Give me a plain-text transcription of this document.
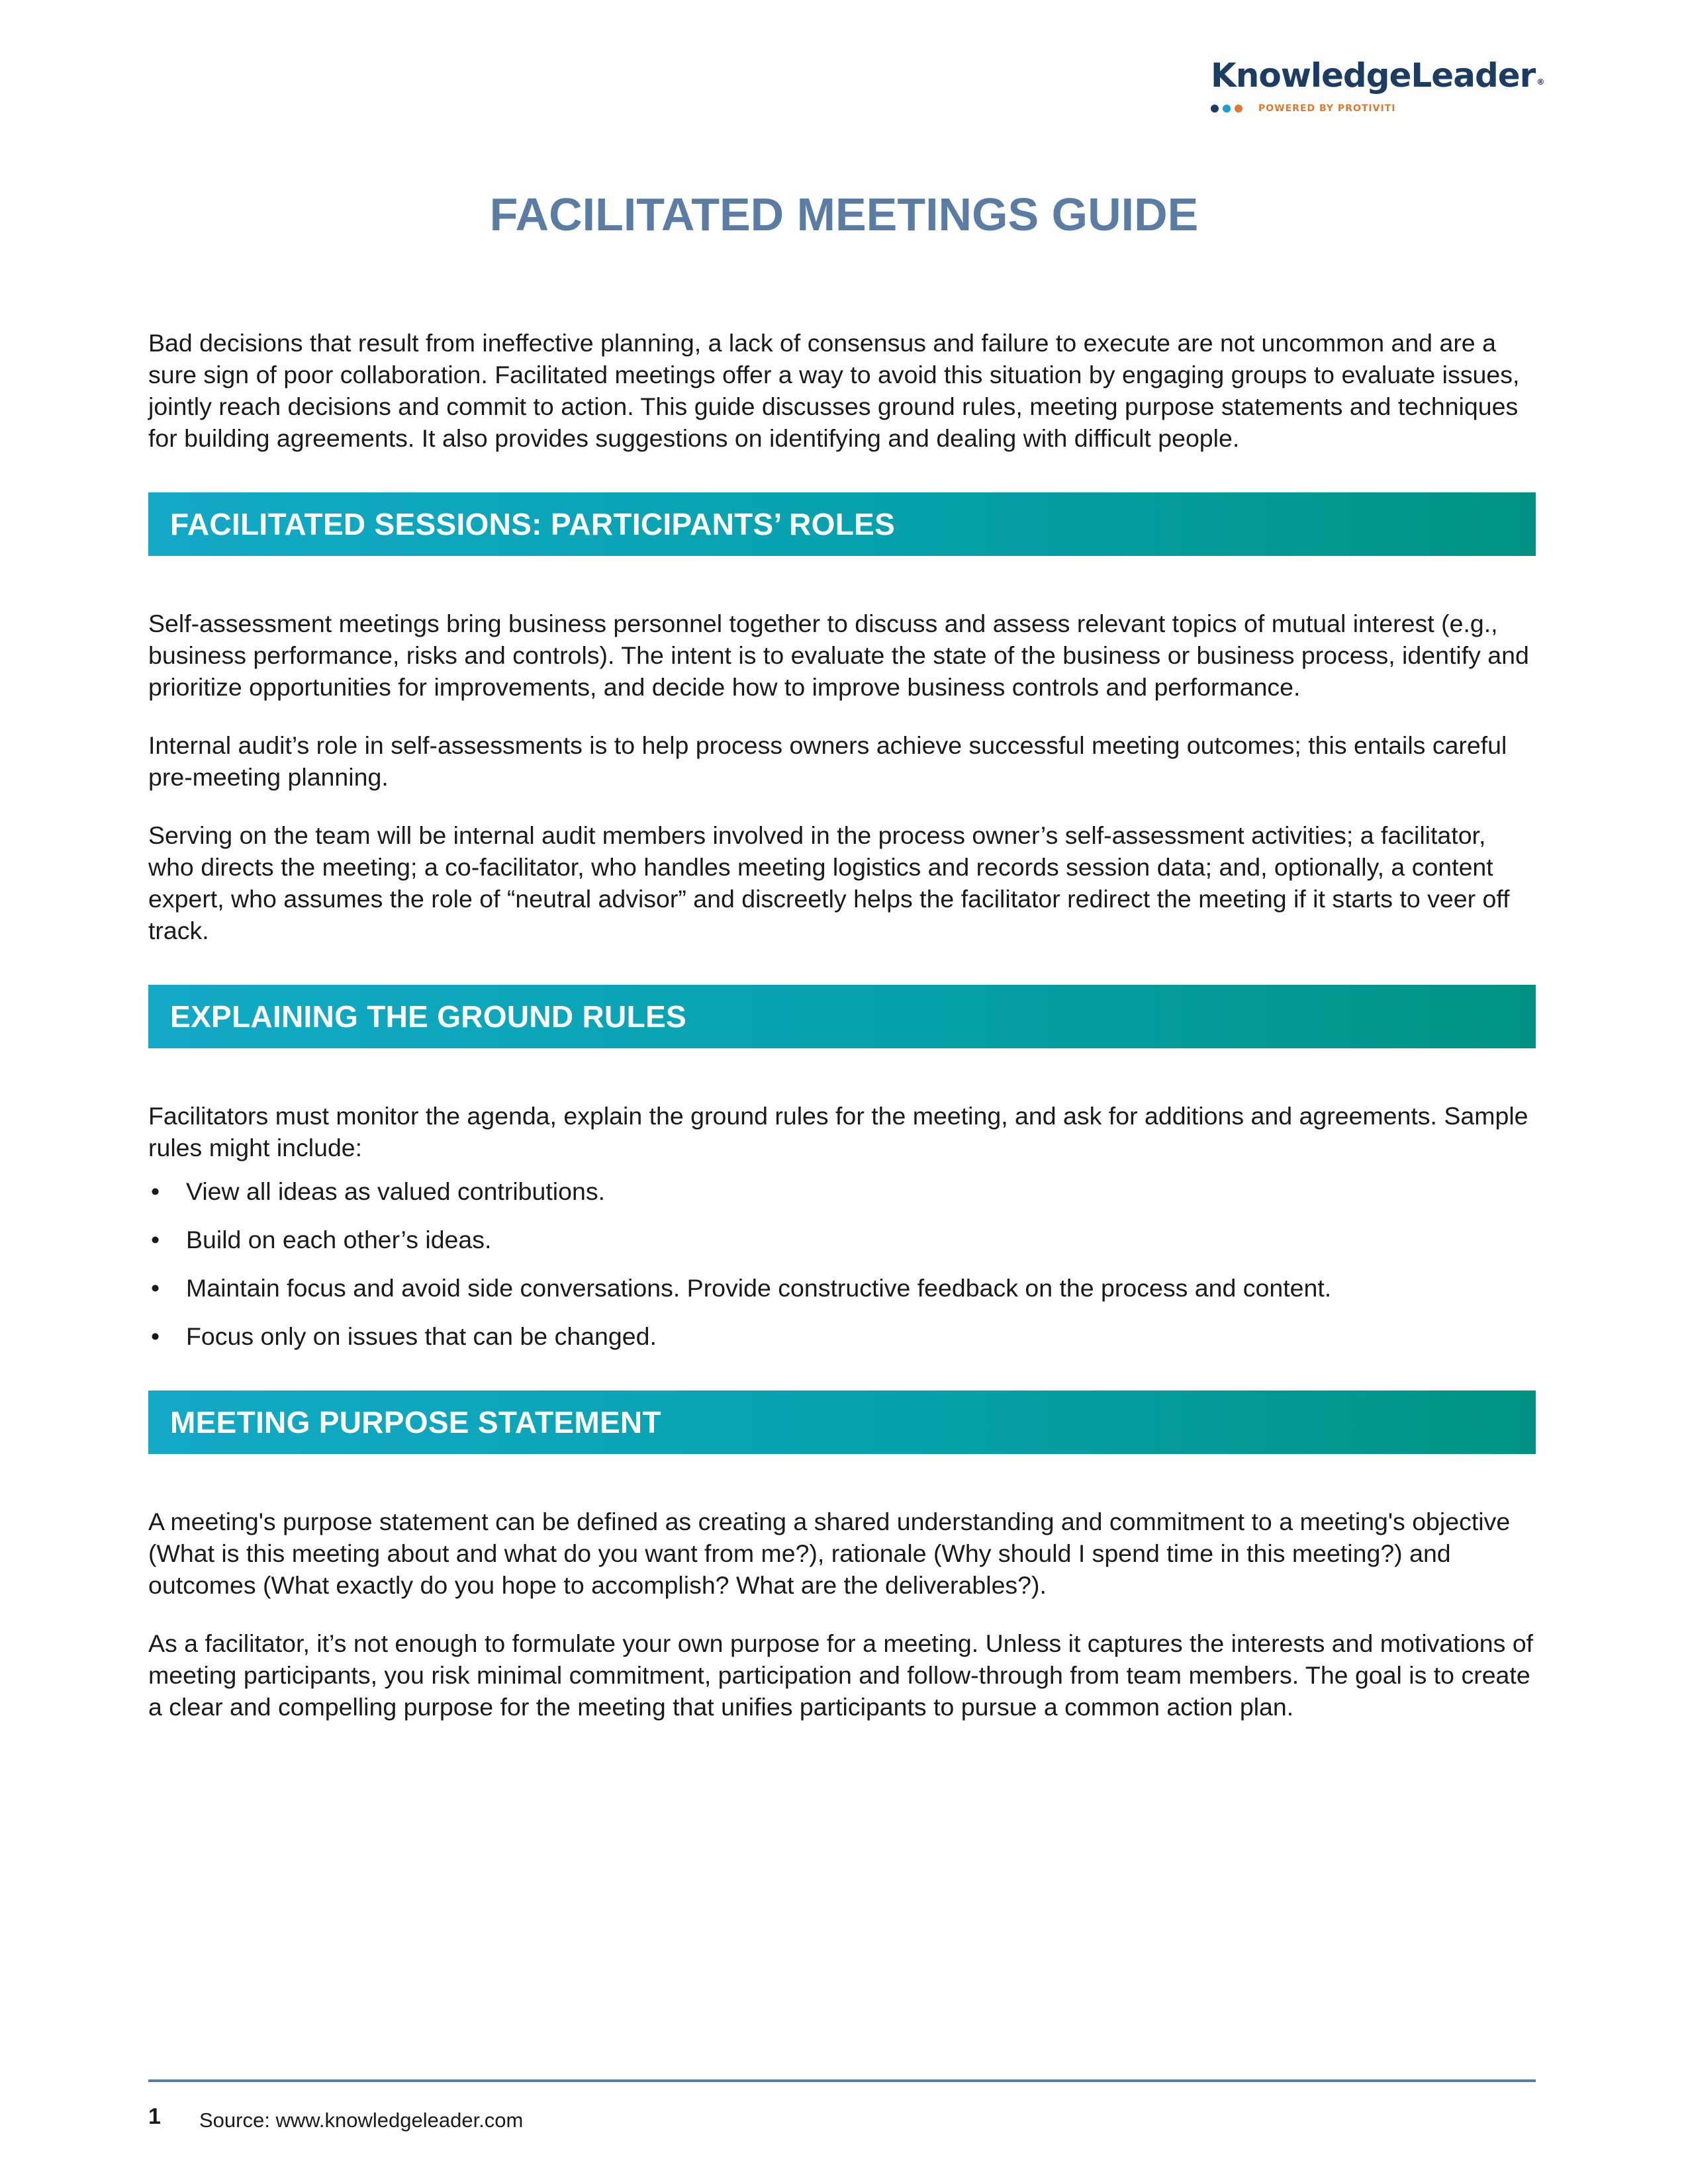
KnowledgeLeader ®
POWERED BY PROTIVITI
FACILITATED MEETINGS GUIDE

Bad decisions that result from ineffective planning, a lack of consensus and failure to execute are not uncommon and are a sure sign of poor collaboration. Facilitated meetings offer a way to avoid this situation by engaging groups to evaluate issues, jointly reach decisions and commit to action. This guide discusses ground rules, meeting purpose statements and techniques for building agreements. It also provides suggestions on identifying and dealing with difficult people.

FACILITATED SESSIONS: PARTICIPANTS’ ROLES

Self-assessment meetings bring business personnel together to discuss and assess relevant topics of mutual interest (e.g., business performance, risks and controls). The intent is to evaluate the state of the business or business process, identify and prioritize opportunities for improvements, and decide how to improve business controls and performance.

Internal audit’s role in self-assessments is to help process owners achieve successful meeting outcomes; this entails careful pre-meeting planning.

Serving on the team will be internal audit members involved in the process owner’s self-assessment activities; a facilitator, who directs the meeting; a co-facilitator, who handles meeting logistics and records session data; and, optionally, a content expert, who assumes the role of “neutral advisor” and discreetly helps the facilitator redirect the meeting if it starts to veer off track.

EXPLAINING THE GROUND RULES

Facilitators must monitor the agenda, explain the ground rules for the meeting, and ask for additions and agreements. Sample rules might include:

• View all ideas as valued contributions.
• Build on each other’s ideas.
• Maintain focus and avoid side conversations. Provide constructive feedback on the process and content.
• Focus only on issues that can be changed.
MEETING PURPOSE STATEMENT

A meeting's purpose statement can be defined as creating a shared understanding and commitment to a meeting's objective (What is this meeting about and what do you want from me?), rationale (Why should I spend time in this meeting?) and outcomes (What exactly do you hope to accomplish? What are the deliverables?).

As a facilitator, it’s not enough to formulate your own purpose for a meeting. Unless it captures the interests and motivations of meeting participants, you risk minimal commitment, participation and follow-through from team members. The goal is to create a clear and compelling purpose for the meeting that unifies participants to pursue a common action plan.

1 Source: www.knowledgeleader.com
